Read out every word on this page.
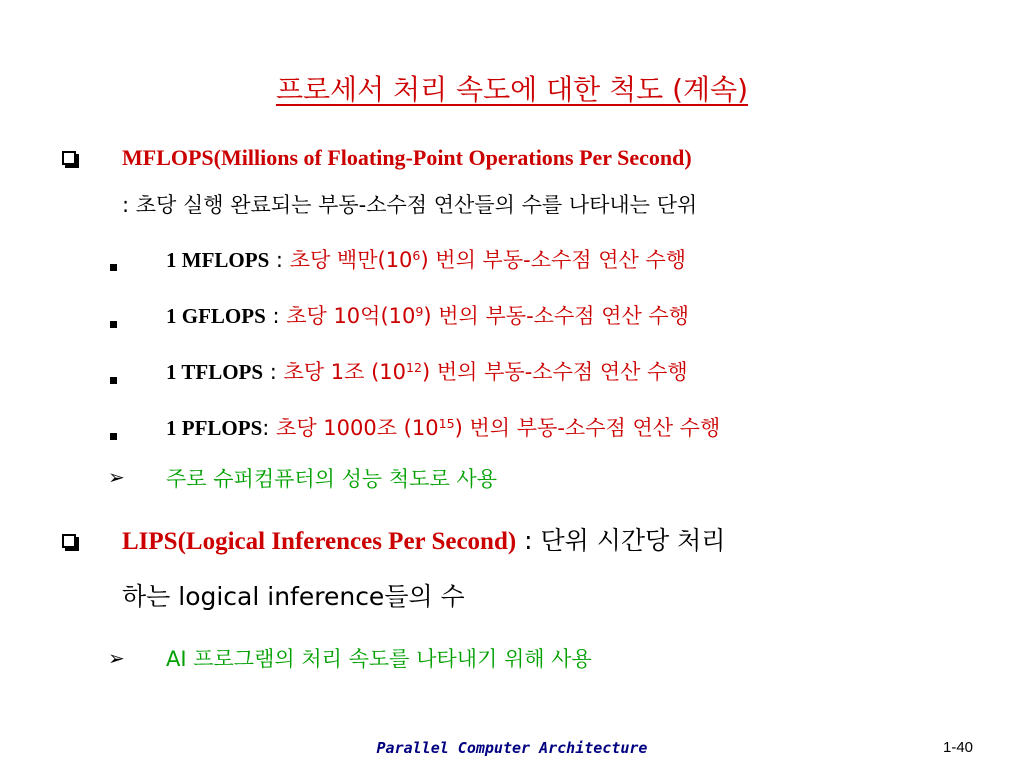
프로세서 처리 속도에 대한 척도 (계속)
MFLOPS(Millions of Floating-Point Operations Per Second)
: 초당 실행 완료되는 부동-소수점 연산들의 수를 나타내는 단위
1 MFLOPS : 초당 백만$(10^6)$ 번의 부동-소수점 연산 수행
1 GFLOPS : 초당 10억$(10^9)$ 번의 부동-소수점 연산 수행
1 TFLOPS : 초당 1조 $(10^{12})$ 번의 부동-소수점 연산 수행
1 PFLOPS: 초당 1000조 $(10^{15})$ 번의 부동-소수점 연산 수행
➢ 주로 슈퍼컴퓨터의 성능 척도로 사용
LIPS(Logical Inferences Per Second) : 단위 시간당 처리
하는 logical inference들의 수
➢ AI 프로그램의 처리 속도를 나타내기 위해 사용
Parallel Computer Architecture	1-40
